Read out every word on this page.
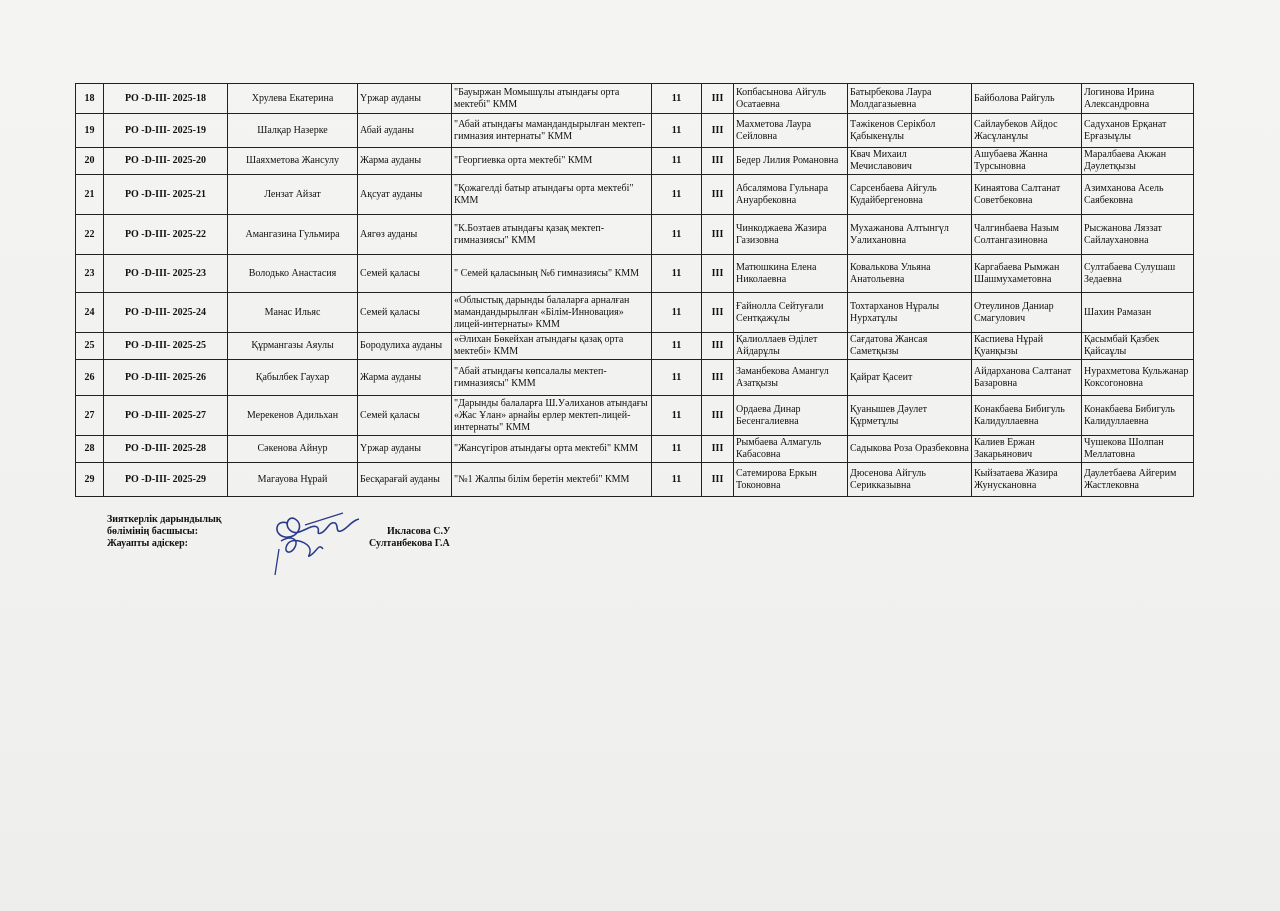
18	РО -D-III- 2025-18	Хрулева Екатерина	Үржар ауданы	"Бауыржан Момышұлы атындағы орта мектебі" КММ	11	III	Копбасынова Айгуль Осатаевна	Батырбекова Лаура Молдагазыевна	Байболова Райгуль	Логинова Ирина Александровна
19	РО -D-III- 2025-19	Шалқар Назерке	Абай ауданы	"Абай атындағы мамандандырылған мектеп-гимназия интернаты" КММ	11	III	Махметова Лаура Сейловна	Тәжікенов Серікбол Қабыкенұлы	Сайлаубеков Айдос Жасұланұлы	Садуханов Ерқанат Ерғазыұлы
20	РО -D-III- 2025-20	Шаяхметова Жансулу	Жарма ауданы	"Георгиевка орта мектебі" КММ	11	III	Бедер Лилия Романовна	Квач Михаил Мечиславович	Ашубаева Жанна Турсыновна	Маралбаева Акжан Дәулетқызы
21	РО -D-III- 2025-21	Лензат Айзат	Ақсуат ауданы	"Қожагелді батыр атындағы орта мектебі" КММ	11	III	Абсалямова Гульнара Ануарбековна	Сарсенбаева Айгуль Кудайбергеновна	Кинаятова Салтанат Советбековна	Азимханова Асель Саябековна
22	РО -D-III- 2025-22	Амангазина Гульмира	Аягөз ауданы	"К.Бозтаев атындағы қазақ мектеп-гимназиясы" КММ	11	III	Чинкоджаева Жазира Газизовна	Мухажанова Алтынгүл Уалихановна	Чалгинбаева Назым Солтангазиновна	Рысжанова Ляззат Сайлаухановна
23	РО -D-III- 2025-23	Володько Анастасия	Семей қаласы	" Семей қаласының №6 гимназиясы" КММ	11	III	Матюшкина Елена Николаевна	Ковалькова Ульяна Анатольевна	Каргабаева Рымжан Шашмухаметовна	Султабаева Сулушаш Зедаевна
24	РО -D-III- 2025-24	Манас Ильяс	Семей қаласы	«Облыстық дарынды балаларға арналған мамандандырылған «Білім-Инновация» лицей-интернаты» КММ	11	III	Ғайнолла Сейтуғали Сентқажұлы	Тохтарханов Нұралы Нурхатұлы	Отеулинов Даниар Смагулович	Шахин Рамазан
25	РО -D-III- 2025-25	Құрмангазы Аяулы	Бородулиха ауданы	«Әлихан Бөкейхан атындағы қазақ орта мектебі» КММ	11	III	Қалиоллаев Әділет Айдарұлы	Сағдатова Жансая Саметқызы	Каспиева Нұрай Қуанқызы	Қасымбай Қазбек Қайсаұлы
26	РО -D-III- 2025-26	Қабылбек Гаухар	Жарма ауданы	"Абай атындағы көпсалалы мектеп-гимназиясы" КММ	11	III	Заманбекова Амангул Азатқызы	Қайрат Қасеит	Айдарханова Салтанат Базаровна	Нурахметова Кульжанар Коксогоновна
27	РО -D-III- 2025-27	Мерекенов Адильхан	Семей қаласы	"Дарынды балаларға Ш.Уәлиханов атындағы «Жас Ұлан» арнайы ерлер мектеп-лицей-интернаты" КММ	11	III	Ордаева Динар Бесенгалиевна	Қуанышев Дәулет Құрметұлы	Конакбаева Бибигуль Калидуллаевна	Конакбаева Бибигуль Калидуллаевна
28	РО -D-III- 2025-28	Сәкенова Айнур	Үржар ауданы	"Жансүгіров атындағы орта мектебі" КММ	11	III	Рымбаева Алмагуль Кабасовна	Садыкова Роза Оразбековна	Калиев Ержан Закарьянович	Чушекова Шолпан Меллатовна
29	РО -D-III- 2025-29	Магауова Нұрай	Бесқарағай ауданы	"№1 Жалпы білім беретін мектебі" КММ	11	III	Сатемирова Еркын Токоновна	Дюсенова Айгуль Серикказывна	Кыйзатаева Жазира Жунускановна	Даулетбаева Айгерим Жастлековна
Зияткерлік дарындылық
бөлімінің басшысы:
Жауапты адіскер:
Икласова С.У
Султанбекова Г.А
